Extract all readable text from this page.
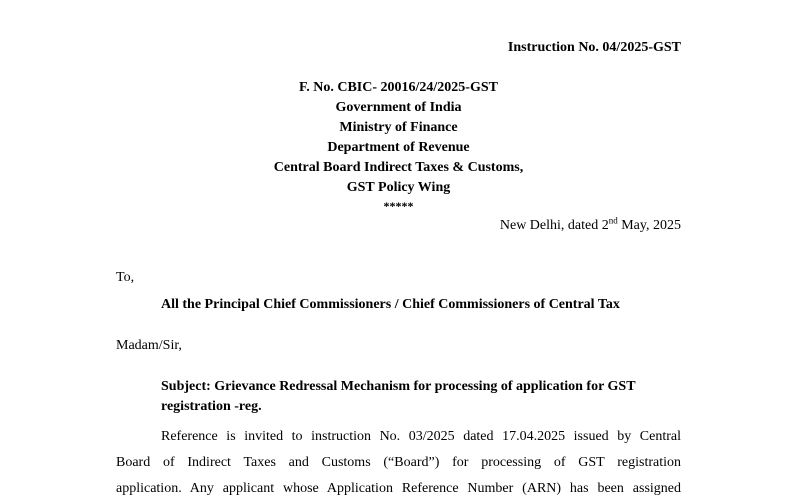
Instruction No. 04/2025-GST
F. No. CBIC- 20016/24/2025-GST
Government of India
Ministry of Finance
Department of Revenue
Central Board Indirect Taxes & Customs,
GST Policy Wing
*****
New Delhi, dated 2nd May, 2025
To,
All the Principal Chief Commissioners / Chief Commissioners of Central Tax
Madam/Sir,
Subject: Grievance Redressal Mechanism for processing of application for GST
registration -reg.
Reference is invited to instruction No. 03/2025 dated 17.04.2025 issued by Central
Board of Indirect Taxes and Customs (“Board”) for processing of GST registration
application. Any applicant whose Application Reference Number (ARN) has been assigned
